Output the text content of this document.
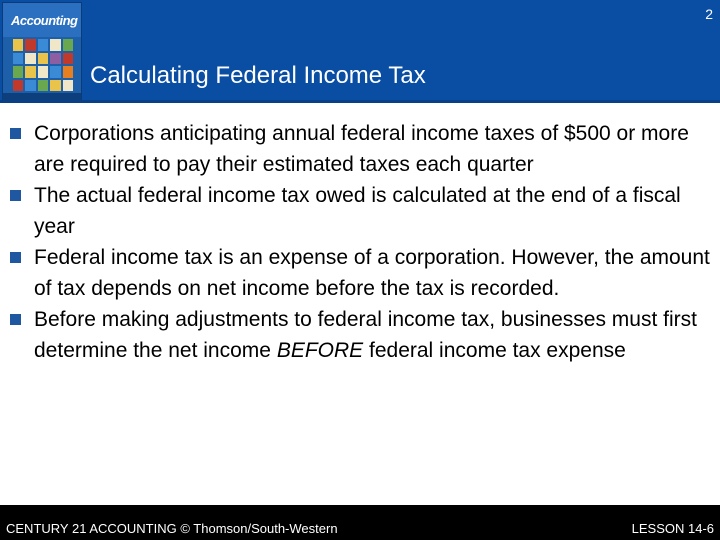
Accounting	2
Calculating Federal Income Tax
Corporations anticipating annual federal income taxes of $500 or more are required to pay their estimated taxes each quarter
The actual federal income tax owed is calculated at the end of a fiscal year
Federal income tax is an expense of a corporation. However, the amount of tax depends on net income before the tax is recorded.
Before making adjustments to federal income tax, businesses must first determine the net income BEFORE federal income tax expense
CENTURY 21 ACCOUNTING © Thomson/South-Western	LESSON 14-6
